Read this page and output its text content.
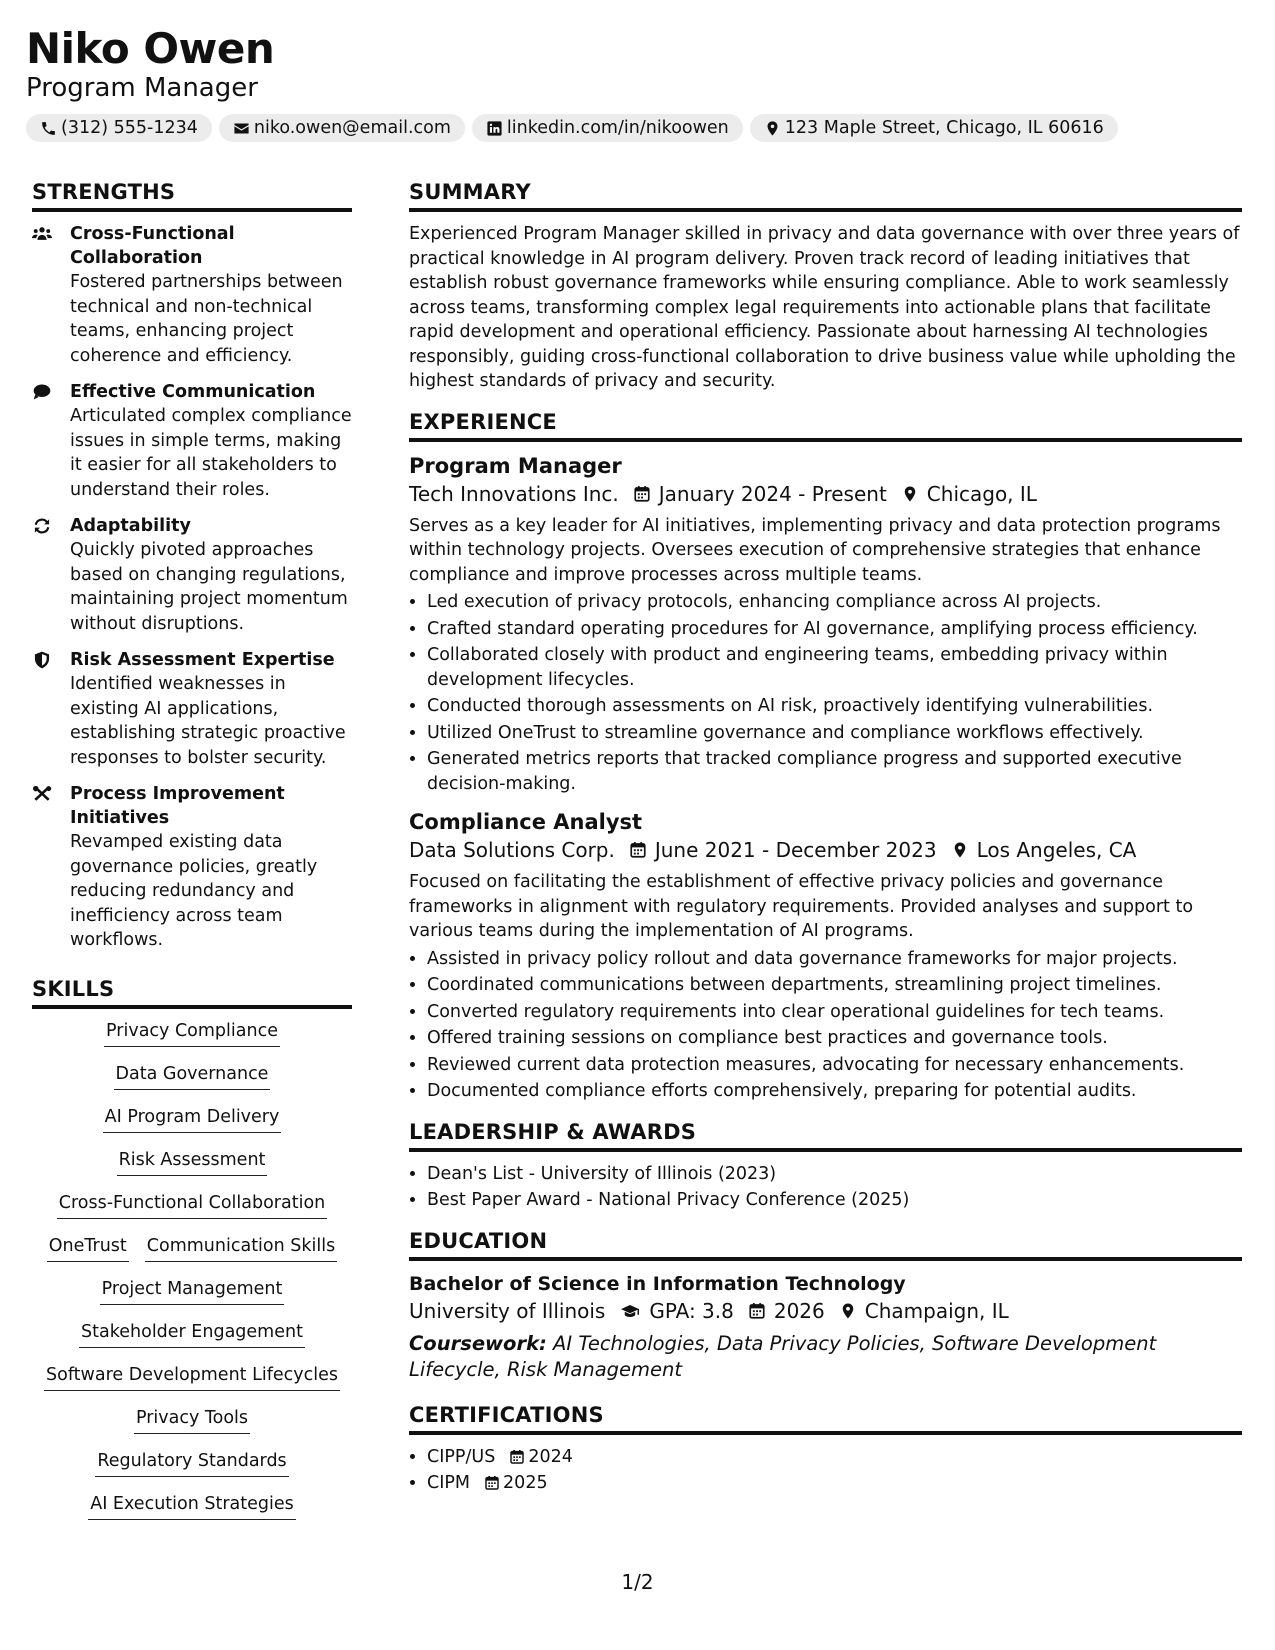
Niko Owen
Program Manager
(312) 555-1234	niko.owen@email.com	linkedin.com/in/nikoowen	123 Maple Street, Chicago, IL 60616
STRENGTHS
Cross-Functional Collaboration
Fostered partnerships between technical and non-technical teams, enhancing project coherence and efficiency.
Effective Communication
Articulated complex compliance issues in simple terms, making it easier for all stakeholders to understand their roles.
Adaptability
Quickly pivoted approaches based on changing regulations, maintaining project momentum without disruptions.
Risk Assessment Expertise
Identified weaknesses in existing AI applications, establishing strategic proactive responses to bolster security.
Process Improvement Initiatives
Revamped existing data governance policies, greatly reducing redundancy and inefficiency across team workflows.
SKILLS
Privacy Compliance
Data Governance
AI Program Delivery
Risk Assessment
Cross-Functional Collaboration
OneTrust Communication Skills
Project Management
Stakeholder Engagement
Software Development Lifecycles
Privacy Tools
Regulatory Standards
AI Execution Strategies
SUMMARY

Experienced Program Manager skilled in privacy and data governance with over three years of practical knowledge in AI program delivery. Proven track record of leading initiatives that establish robust governance frameworks while ensuring compliance. Able to work seamlessly across teams, transforming complex legal requirements into actionable plans that facilitate rapid development and operational efficiency. Passionate about harnessing AI technologies responsibly, guiding cross-functional collaboration to drive business value while upholding the highest standards of privacy and security.

EXPERIENCE
Program Manager
Tech Innovations Inc. January 2024 - Present Chicago, IL

Serves as a key leader for AI initiatives, implementing privacy and data protection programs within technology projects. Oversees execution of comprehensive strategies that enhance compliance and improve processes across multiple teams.

• Led execution of privacy protocols, enhancing compliance across AI projects.
• Crafted standard operating procedures for AI governance, amplifying process efficiency.
• Collaborated closely with product and engineering teams, embedding privacy within development lifecycles.
• Conducted thorough assessments on AI risk, proactively identifying vulnerabilities.
• Utilized OneTrust to streamline governance and compliance workflows effectively.
• Generated metrics reports that tracked compliance progress and supported executive decision-making.
Compliance Analyst
Data Solutions Corp. June 2021 - December 2023 Los Angeles, CA

Focused on facilitating the establishment of effective privacy policies and governance frameworks in alignment with regulatory requirements. Provided analyses and support to various teams during the implementation of AI programs.

• Assisted in privacy policy rollout and data governance frameworks for major projects.
• Coordinated communications between departments, streamlining project timelines.
• Converted regulatory requirements into clear operational guidelines for tech teams.
• Offered training sessions on compliance best practices and governance tools.
• Reviewed current data protection measures, advocating for necessary enhancements.
• Documented compliance efforts comprehensively, preparing for potential audits.
LEADERSHIP & AWARDS
• Dean's List - University of Illinois (2023)
• Best Paper Award - National Privacy Conference (2025)
EDUCATION
Bachelor of Science in Information Technology
University of Illinois GPA: 3.8 2026 Champaign, IL
Coursework: AI Technologies, Data Privacy Policies, Software Development Lifecycle, Risk Management
CERTIFICATIONS
• CIPP/US 2024
• CIPM 2025
1/2
